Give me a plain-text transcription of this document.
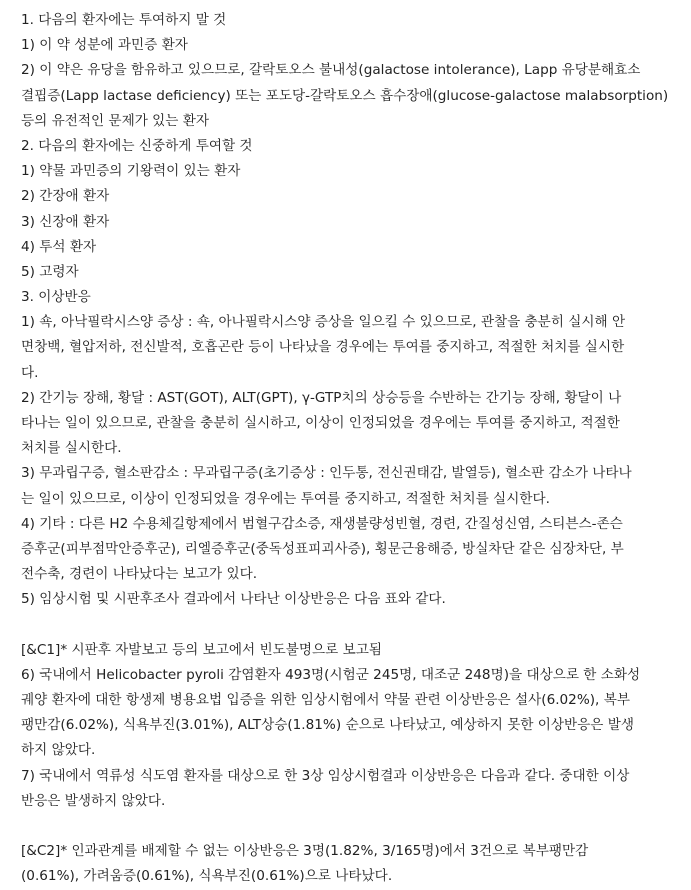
1. 다음의 환자에는 투여하지 말 것

1) 이 약 성분에 과민증 환자

2) 이 약은 유당을 함유하고 있으므로, 갈락토오스 불내성(galactose intolerance), Lapp 유당분해효소

결핍증(Lapp lactase deficiency) 또는 포도당-갈락토오스 흡수장애(glucose-galactose malabsorption)

등의 유전적인 문제가 있는 환자

2. 다음의 환자에는 신중하게 투여할 것

1) 약물 과민증의 기왕력이 있는 환자

2) 간장애 환자

3) 신장애 환자

4) 투석 환자

5) 고령자

3. 이상반응

1) 쇽, 아낙필락시스양 증상 : 쇽, 아나필락시스양 증상을 일으킬 수 있으므로, 관찰을 충분히 실시해 안

면창백, 혈압저하, 전신발적, 호흡곤란 등이 나타났을 경우에는 투여를 중지하고, 적절한 처치를 실시한

다.

2) 간기능 장해, 황달 : AST(GOT), ALT(GPT), γ-GTP치의 상승등을 수반하는 간기능 장해, 황달이 나

타나는 일이 있으므로, 관찰을 충분히 실시하고, 이상이 인정되었을 경우에는 투여를 중지하고, 적절한

처치를 실시한다.

3) 무과립구증, 혈소판감소 : 무과립구증(초기증상 : 인두통, 전신권태감, 발열등), 혈소판 감소가 나타나

는 일이 있으므로, 이상이 인정되었을 경우에는 투여를 중지하고, 적절한 처치를 실시한다.

4) 기타 : 다른 H2 수용체길항제에서 범혈구감소증, 재생불량성빈혈, 경련, 간질성신염, 스티븐스-존슨

증후군(피부점막안증후군), 리엘증후군(중독성표피괴사증), 횡문근융해증, 방실차단 같은 심장차단, 부

전수축, 경련이 나타났다는 보고가 있다.

5) 임상시험 및 시판후조사 결과에서 나타난 이상반응은 다음 표와 같다.

[&C1]* 시판후 자발보고 등의 보고에서 빈도불명으로 보고됨

6) 국내에서 Helicobacter pyroli 감염환자 493명(시험군 245명, 대조군 248명)을 대상으로 한 소화성

궤양 환자에 대한 항생제 병용요법 입증을 위한 임상시험에서 약물 관련 이상반응은 설사(6.02%), 복부

팽만감(6.02%), 식욕부진(3.01%), ALT상승(1.81%) 순으로 나타났고, 예상하지 못한 이상반응은 발생

하지 않았다.

7) 국내에서 역류성 식도염 환자를 대상으로 한 3상 임상시험결과 이상반응은 다음과 같다. 중대한 이상

반응은 발생하지 않았다.

[&C2]* 인과관계를 배제할 수 없는 이상반응은 3명(1.82%, 3/165명)에서 3건으로 복부팽만감

(0.61%), 가려움증(0.61%), 식욕부진(0.61%)으로 나타났다.
